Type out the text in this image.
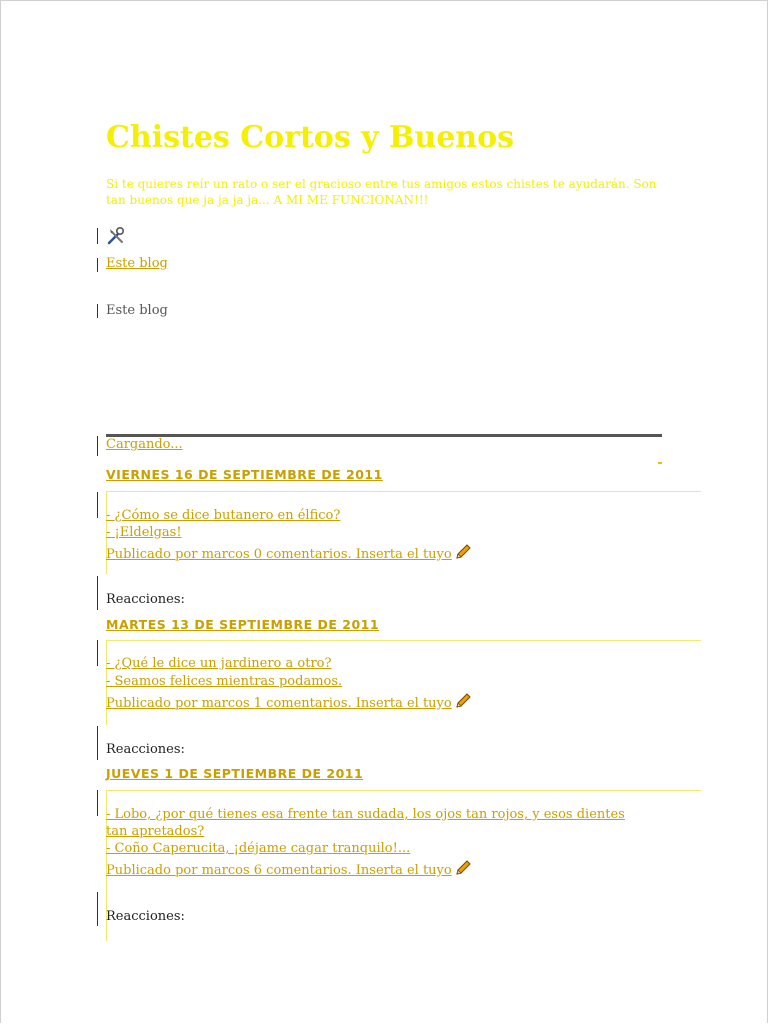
Chistes Cortos y Buenos
Si te quieres reír un rato o ser el gracioso entre tus amigos estos chistes te ayudarán. Son tan buenos que ja ja ja ja... A MI ME FUNCIONAN!!!
Este blog
Este blog
Cargando...
VIERNES 16 DE SEPTIEMBRE DE 2011
- ¿Cómo se dice butanero en élfico?
- ¡Eldelgas!
Publicado por marcos 0 comentarios. Inserta el tuyo
Reacciones:
MARTES 13 DE SEPTIEMBRE DE 2011
- ¿Qué le dice un jardinero a otro?
- Seamos felices mientras podamos.
Publicado por marcos 1 comentarios. Inserta el tuyo
Reacciones:
JUEVES 1 DE SEPTIEMBRE DE 2011
- Lobo, ¿por qué tienes esa frente tan sudada, los ojos tan rojos, y esos dientes tan apretados?
- Coño Caperucita, ¡déjame cagar tranquilo!...
Publicado por marcos 6 comentarios. Inserta el tuyo
Reacciones:
